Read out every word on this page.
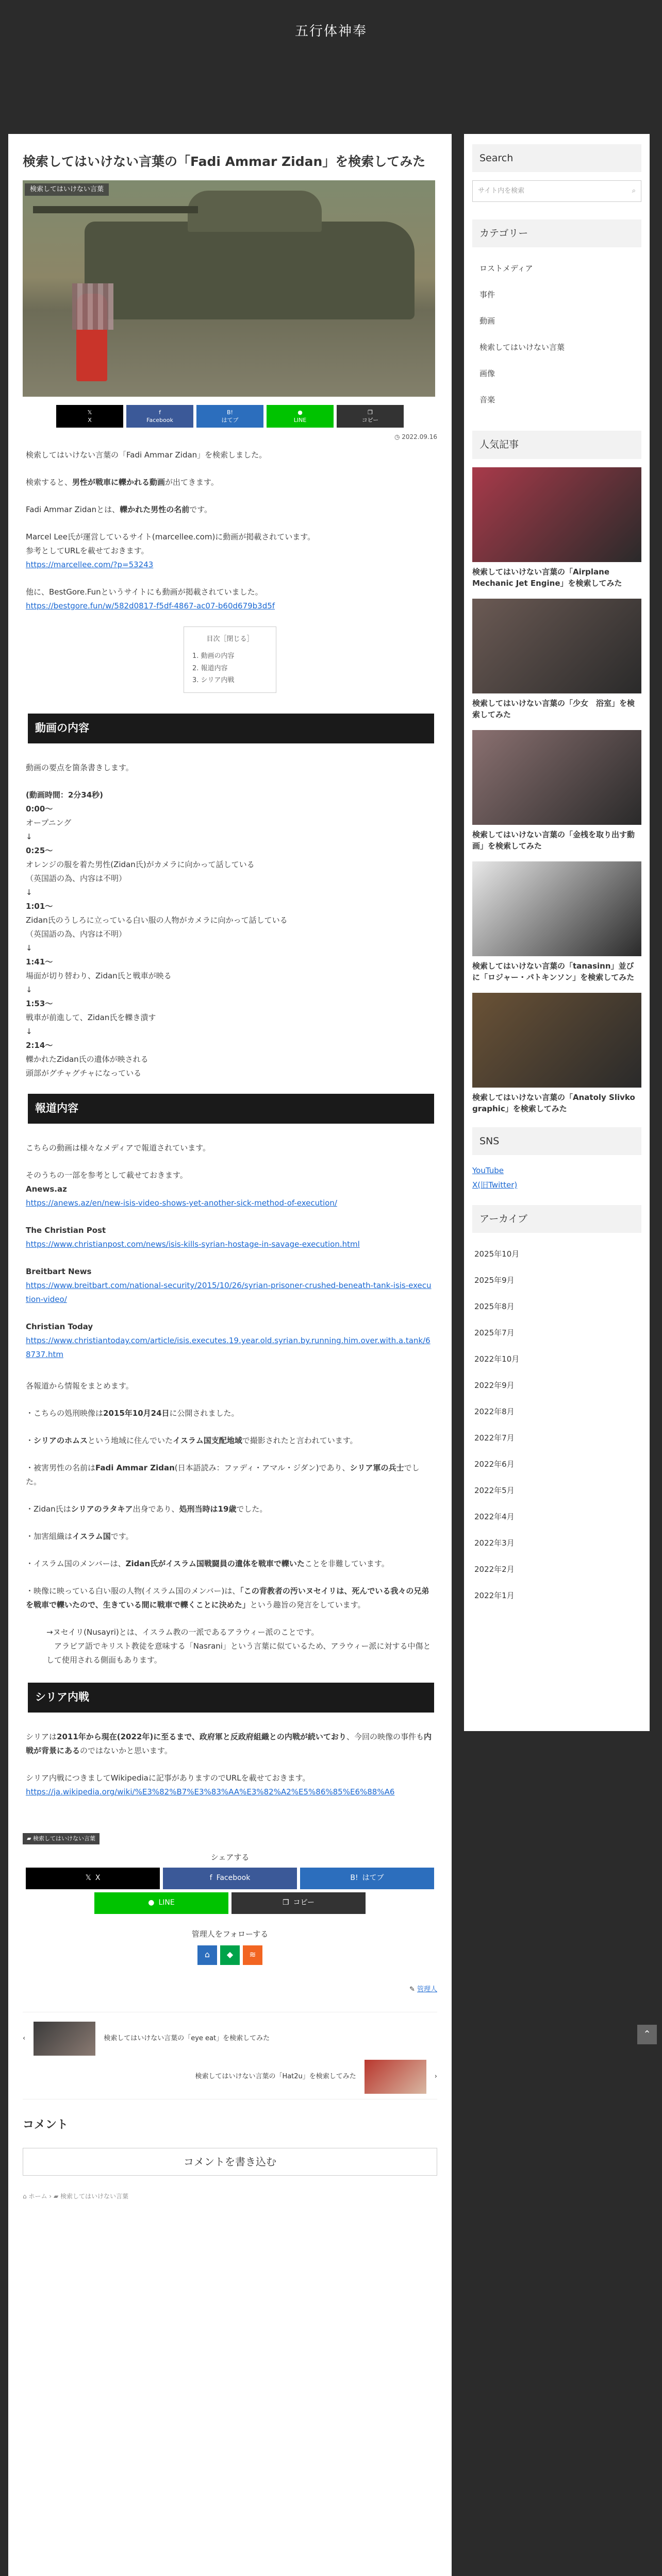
五行体神奉
検索してはいけない言葉の「Fadi Ammar Zidan」を検索してみた
検索してはいけない言葉
𝕏
X
f
Facebook
B!
はてブ
●
LINE
❐
コピー
◷ 2022.09.16

検索してはいけない言葉の「Fadi Ammar Zidan」を検索しました。

検索すると、男性が戦車に轢かれる動画が出てきます。

Fadi Ammar Zidanとは、轢かれた男性の名前です。

Marcel Lee氏が運営しているサイト(marcellee.com)に動画が掲載されています。
参考としてURLを載せておきます。
https://marcellee.com/?p=53243

他に、BestGore.Funというサイトにも動画が掲載されていました。
https://bestgore.fun/w/582d0817-f5df-4867-ac07-b60d679b3d5f

目次［閉じる］
1. 動画の内容
2. 報道内容
3. シリア内戦
動画の内容

動画の要点を箇条書きします。

(動画時間：2分34秒)
0:00〜
オープニング
↓
0:25〜
オレンジの服を着た男性(Zidan氏)がカメラに向かって話している
（英国語の為、内容は不明）
↓
1:01〜
Zidan氏のうしろに立っている白い服の人物がカメラに向かって話している
（英国語の為、内容は不明）
↓
1:41〜
場面が切り替わり、Zidan氏と戦車が映る
↓
1:53〜
戦車が前進して、Zidan氏を轢き潰す
↓
2:14〜
轢かれたZidan氏の遺体が映される
頭部がグチャグチャになっている
報道内容

こちらの動画は様々なメディアで報道されています。

そのうちの一部を参考として載せておきます。
Anews.az
https://anews.az/en/new-isis-video-shows-yet-another-sick-method-of-execution/
The Christian Post
https://www.christianpost.com/news/isis-kills-syrian-hostage-in-savage-execution.html
Breitbart News
https://www.breitbart.com/national-security/2015/10/26/syrian-prisoner-crushed-beneath-tank-isis-execution-video/
Christian Today
https://www.christiantoday.com/article/isis.executes.19.year.old.syrian.by.running.him.over.with.a.tank/68737.htm

各報道から情報をまとめます。

・こちらの処刑映像は2015年10月24日に公開されました。

・シリアのホムスという地域に住んでいたイスラム国支配地域で撮影されたと言われています。

・被害男性の名前はFadi Ammar Zidan(日本語読み：ファディ・アマル・ジダン)であり、シリア軍の兵士でした。

・Zidan氏はシリアのラタキア出身であり、処刑当時は19歳でした。

・加害組織はイスラム国です。

・イスラム国のメンバーは、Zidan氏がイスラム国戦闘員の遺体を戦車で轢いたことを非難しています。

・映像に映っている白い服の人物(イスラム国のメンバー)は、「この背教者の汚いヌセイリは、死んでいる我々の兄弟を戦車で轢いたので、生きている間に戦車で轢くことに決めた」という趣旨の発言をしています。

→ヌセイリ(Nusayri)とは、イスラム教の一派であるアラウィー派のことです。
　アラビア語でキリスト教徒を意味する「Nasrani」という言葉に似ているため、アラウィー派に対する中傷として使用される側面もあります。
シリア内戦

シリアは2011年から現在(2022年)に至るまで、政府軍と反政府組織との内戦が続いており、今回の映像の事件も内戦が背景にあるのではないかと思います。

シリア内戦につきましてWikipediaに記事がありますのでURLを載せておきます。
https://ja.wikipedia.org/wiki/%E3%82%B7%E3%83%AA%E3%82%A2%E5%86%85%E6%88%A6

▰ 検索してはいけない言葉
シェアする
𝕏 X	f Facebook	B! はてブ
● LINE	❐ コピー
管理人をフォローする
⌂ ◆ ≋
✎ 管理人
‹	検索してはいけない言葉の「eye eat」を検索してみた
検索してはいけない言葉の「Hat2u」を検索してみた	›
コメント
コメントを書き込む
⌂ ホーム › ▰ 検索してはいけない言葉
Search
サイト内を検索	⌕
カテゴリー
ロストメディア
事件
動画
検索してはいけない言葉
画像
音楽
人気記事
検索してはいけない言葉の「Airplane Mechanic Jet Engine」を検索してみた
検索してはいけない言葉の「少女　浴室」を検索してみた
検索してはいけない言葉の「金桟を取り出す動画」を検索してみた
検索してはいけない言葉の「tanasinn」並びに「ロジャー・パトキンソン」を検索してみた
検索してはいけない言葉の「Anatoly Slivko graphic」を検索してみた
SNS
YouTube
X(旧Twitter)
アーカイブ
2025年10月
2025年9月
2025年8月
2025年7月
2022年10月
2022年9月
2022年8月
2022年7月
2022年6月
2022年5月
2022年4月
2022年3月
2022年2月
2022年1月
⌃
